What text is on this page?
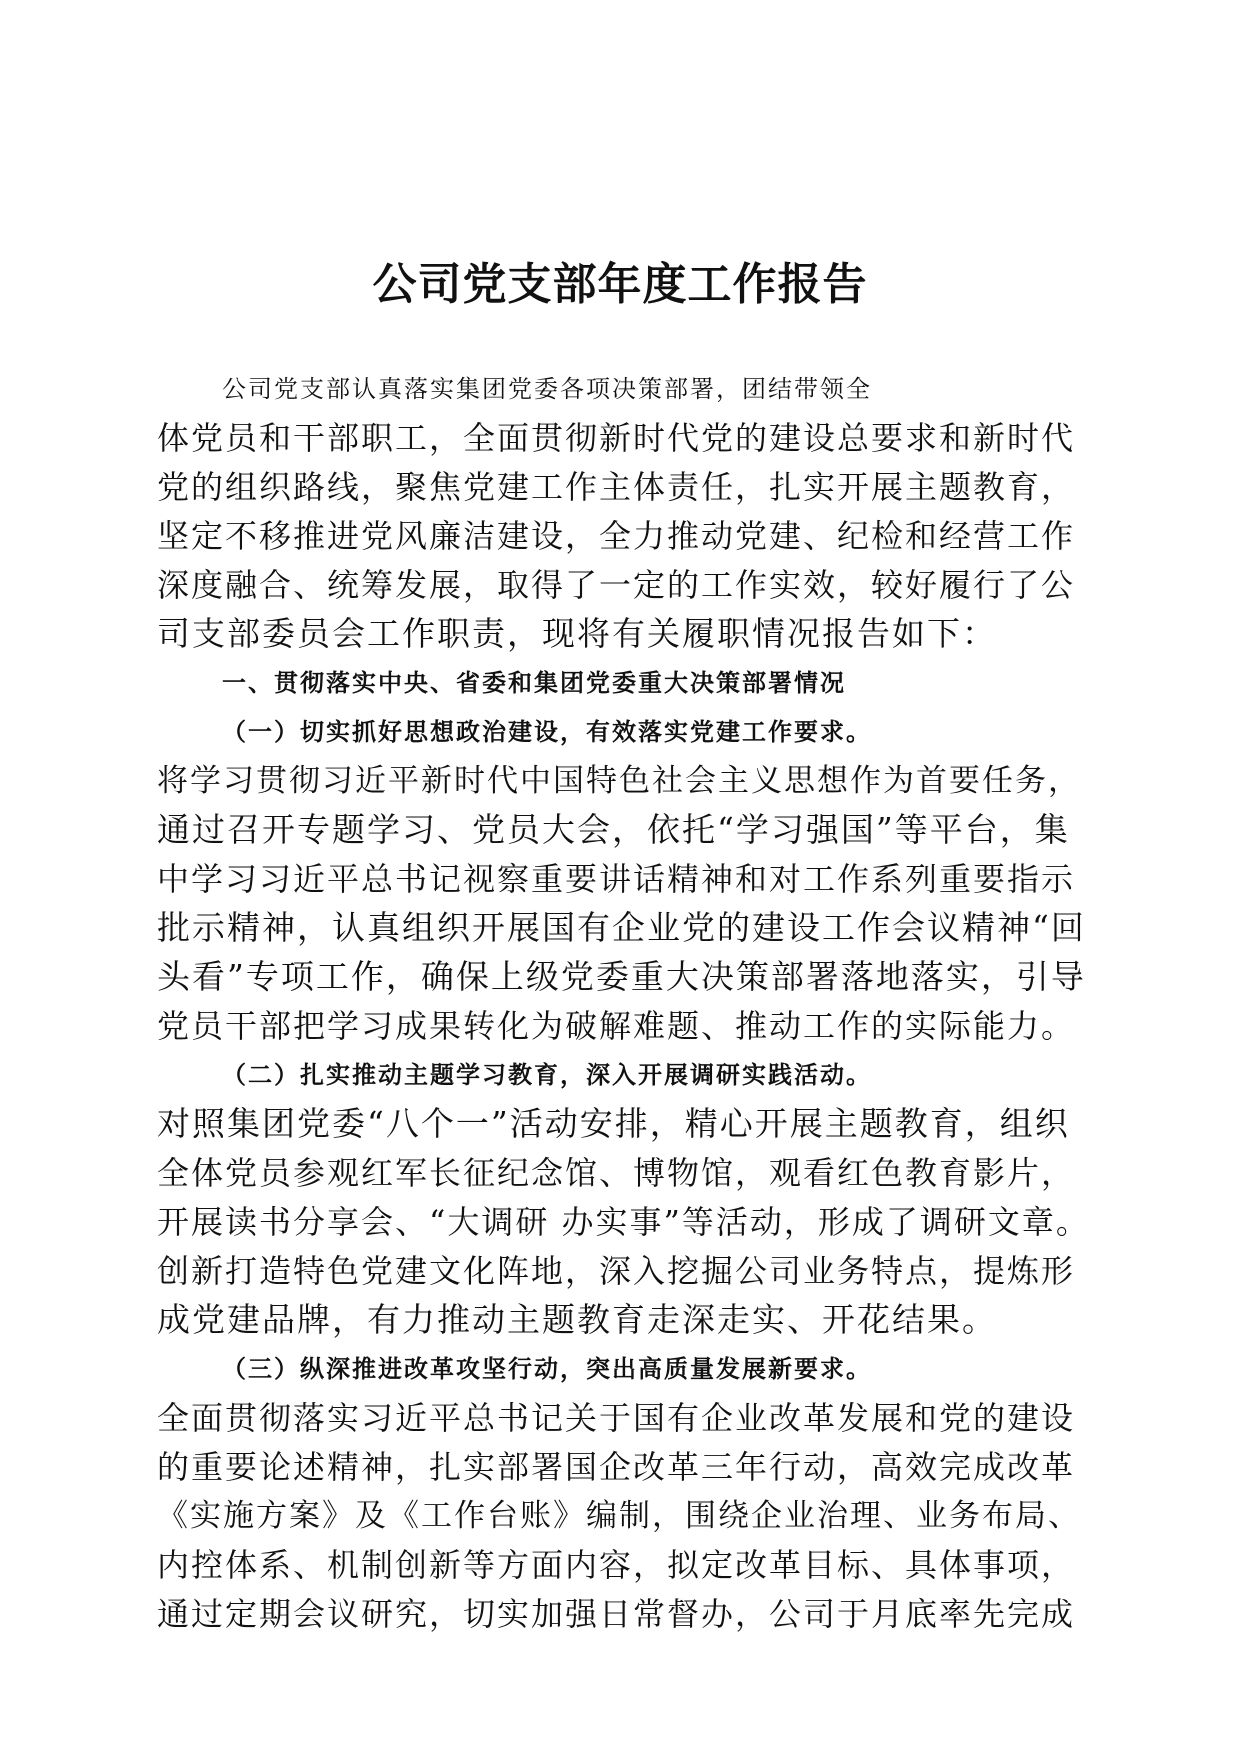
公司党支部年度工作报告
公司党支部认真落实集团党委各项决策部署，团结带领全
体党员和干部职工，全面贯彻新时代党的建设总要求和新时代
党的组织路线，聚焦党建工作主体责任，扎实开展主题教育，
坚定不移推进党风廉洁建设，全力推动党建、纪检和经营工作
深度融合、统筹发展，取得了一定的工作实效，较好履行了公
司支部委员会工作职责，现将有关履职情况报告如下：
一、贯彻落实中央、省委和集团党委重大决策部署情况
（一）切实抓好思想政治建设，有效落实党建工作要求。
将学习贯彻习近平新时代中国特色社会主义思想作为首要任务，
通过召开专题学习、党员大会，依托“学习强国”等平台，集
中学习习近平总书记视察重要讲话精神和对工作系列重要指示
批示精神，认真组织开展国有企业党的建设工作会议精神“回
头看”专项工作，确保上级党委重大决策部署落地落实，引导
党员干部把学习成果转化为破解难题、推动工作的实际能力。
（二）扎实推动主题学习教育，深入开展调研实践活动。
对照集团党委“八个一”活动安排，精心开展主题教育，组织
全体党员参观红军长征纪念馆、博物馆，观看红色教育影片，
开展读书分享会、“大调研 办实事”等活动，形成了调研文章。
创新打造特色党建文化阵地，深入挖掘公司业务特点，提炼形
成党建品牌，有力推动主题教育走深走实、开花结果。
（三）纵深推进改革攻坚行动，突出高质量发展新要求。
全面贯彻落实习近平总书记关于国有企业改革发展和党的建设
的重要论述精神，扎实部署国企改革三年行动，高效完成改革
《实施方案》及《工作台账》编制，围绕企业治理、业务布局、
内控体系、机制创新等方面内容，拟定改革目标、具体事项，
通过定期会议研究，切实加强日常督办，公司于月底率先完成
